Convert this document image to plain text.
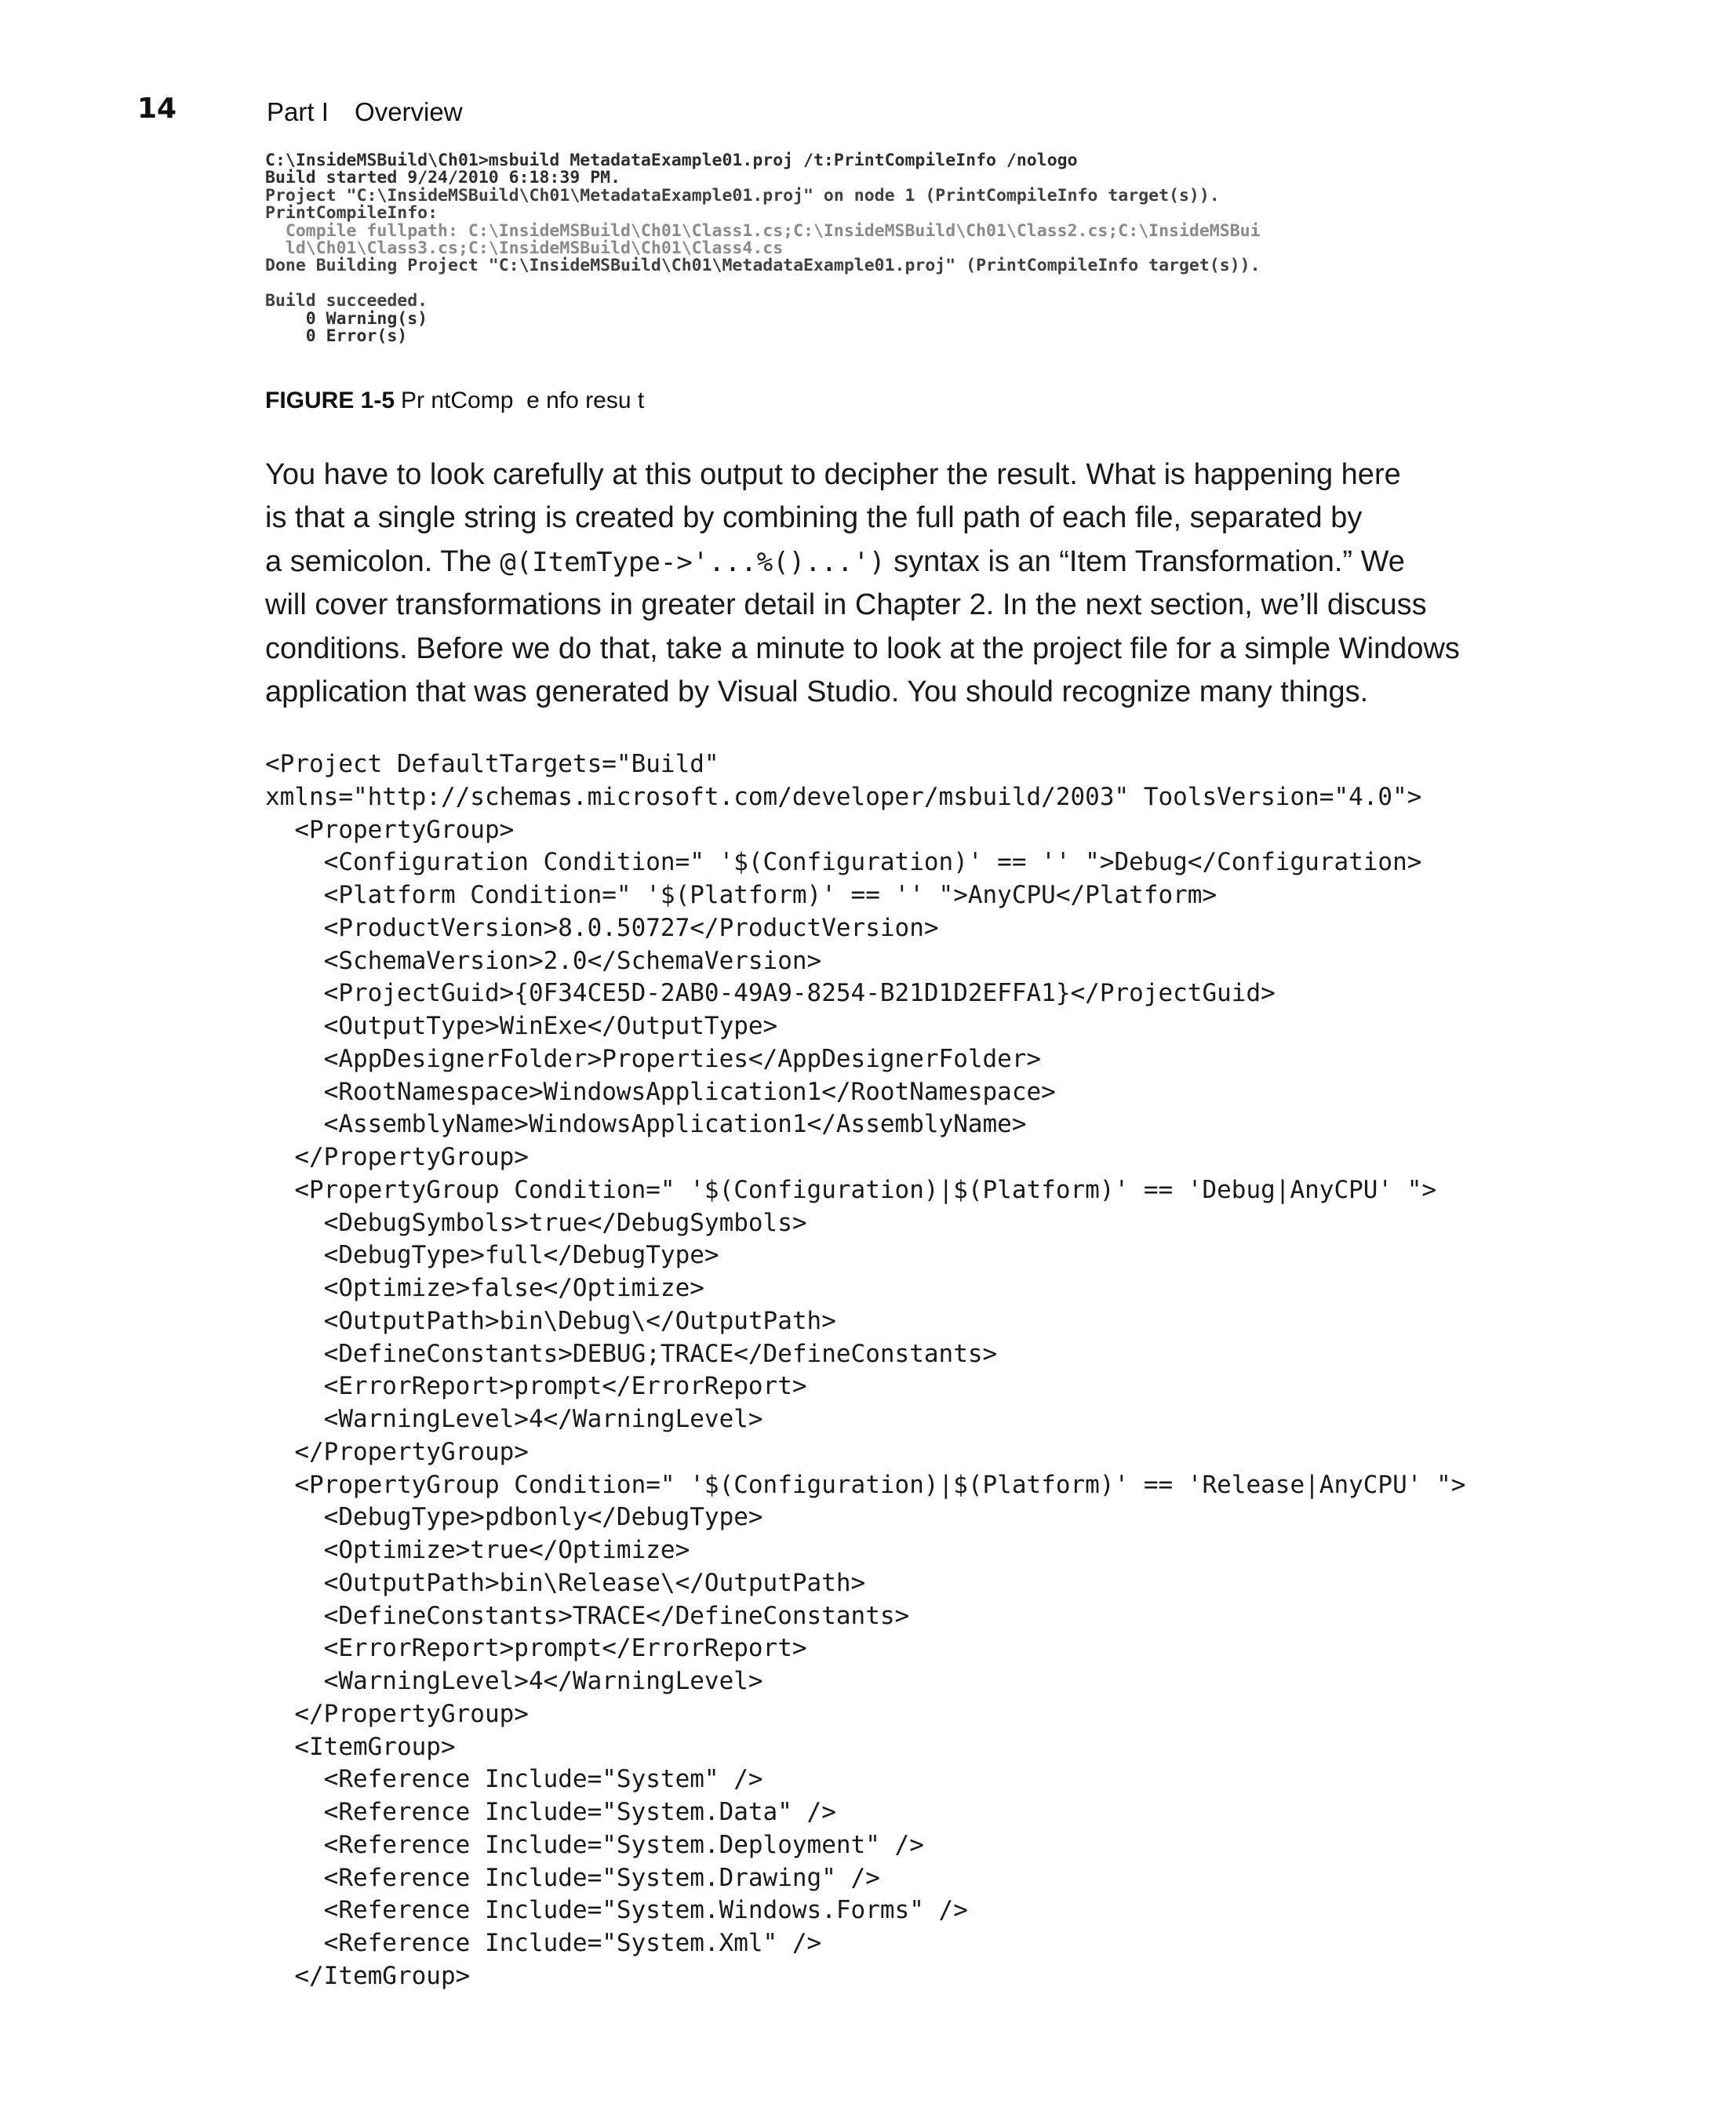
14	Part I Overview
C:\InsideMSBuild\Ch01>msbuild MetadataExample01.proj /t:PrintCompileInfo /nologo
Build started 9/24/2010 6:18:39 PM.
Project "C:\InsideMSBuild\Ch01\MetadataExample01.proj" on node 1 (PrintCompileInfo target(s)).
PrintCompileInfo:
Compile fullpath: C:\InsideMSBuild\Ch01\Class1.cs;C:\InsideMSBuild\Ch01\Class2.cs;C:\InsideMSBui
ld\Ch01\Class3.cs;C:\InsideMSBuild\Ch01\Class4.cs
Done Building Project "C:\InsideMSBuild\Ch01\MetadataExample01.proj" (PrintCompileInfo target(s)).
Build succeeded.
0 Warning(s)
0 Error(s)
FIGURE 1-5 Pr ntComp  e nfo resu t
You have to look carefully at this output to decipher the result. What is happening here
is that a single string is created by combining the full path of each file, separated by
a semicolon. The @(ItemType->'...%()...') syntax is an “Item Transformation.” We
will cover transformations in greater detail in Chapter 2. In the next section, we’ll discuss
conditions. Before we do that, take a minute to look at the project file for a simple Windows
application that was generated by Visual Studio. You should recognize many things.
<Project DefaultTargets="Build"
xmlns="http://schemas.microsoft.com/developer/msbuild/2003" ToolsVersion="4.0">
<PropertyGroup>
<Configuration Condition=" '$(Configuration)' == '' ">Debug</Configuration>
<Platform Condition=" '$(Platform)' == '' ">AnyCPU</Platform>
<ProductVersion>8.0.50727</ProductVersion>
<SchemaVersion>2.0</SchemaVersion>
<ProjectGuid>{0F34CE5D-2AB0-49A9-8254-B21D1D2EFFA1}</ProjectGuid>
<OutputType>WinExe</OutputType>
<AppDesignerFolder>Properties</AppDesignerFolder>
<RootNamespace>WindowsApplication1</RootNamespace>
<AssemblyName>WindowsApplication1</AssemblyName>
</PropertyGroup>
<PropertyGroup Condition=" '$(Configuration)|$(Platform)' == 'Debug|AnyCPU' ">
<DebugSymbols>true</DebugSymbols>
<DebugType>full</DebugType>
<Optimize>false</Optimize>
<OutputPath>bin\Debug\</OutputPath>
<DefineConstants>DEBUG;TRACE</DefineConstants>
<ErrorReport>prompt</ErrorReport>
<WarningLevel>4</WarningLevel>
</PropertyGroup>
<PropertyGroup Condition=" '$(Configuration)|$(Platform)' == 'Release|AnyCPU' ">
<DebugType>pdbonly</DebugType>
<Optimize>true</Optimize>
<OutputPath>bin\Release\</OutputPath>
<DefineConstants>TRACE</DefineConstants>
<ErrorReport>prompt</ErrorReport>
<WarningLevel>4</WarningLevel>
</PropertyGroup>
<ItemGroup>
<Reference Include="System" />
<Reference Include="System.Data" />
<Reference Include="System.Deployment" />
<Reference Include="System.Drawing" />
<Reference Include="System.Windows.Forms" />
<Reference Include="System.Xml" />
</ItemGroup>
